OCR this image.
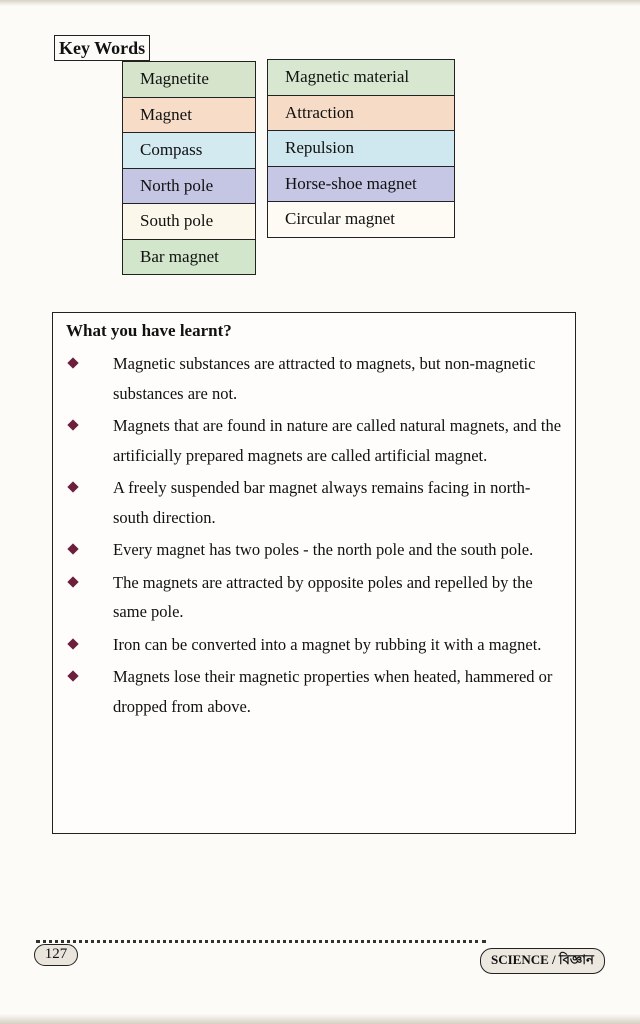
Key Words
Magnetite
Magnet
Compass
North pole
South pole
Bar magnet
Magnetic material
Attraction
Repulsion
Horse-shoe magnet
Circular magnet
What you have learnt?
Magnetic substances are attracted to magnets, but non-magnetic substances are not.
Magnets that are found in nature are called natural magnets, and the artificially prepared magnets are called artificial magnet.
A freely suspended bar magnet always remains facing in north-south direction.
Every magnet has two poles - the north pole and the south pole.
The magnets are attracted by opposite poles and repelled by the same pole.
Iron can be converted into a magnet by rubbing it with a magnet.
Magnets lose their magnetic properties when heated, hammered or dropped from above.
127	SCIENCE / বিজ্ঞান
